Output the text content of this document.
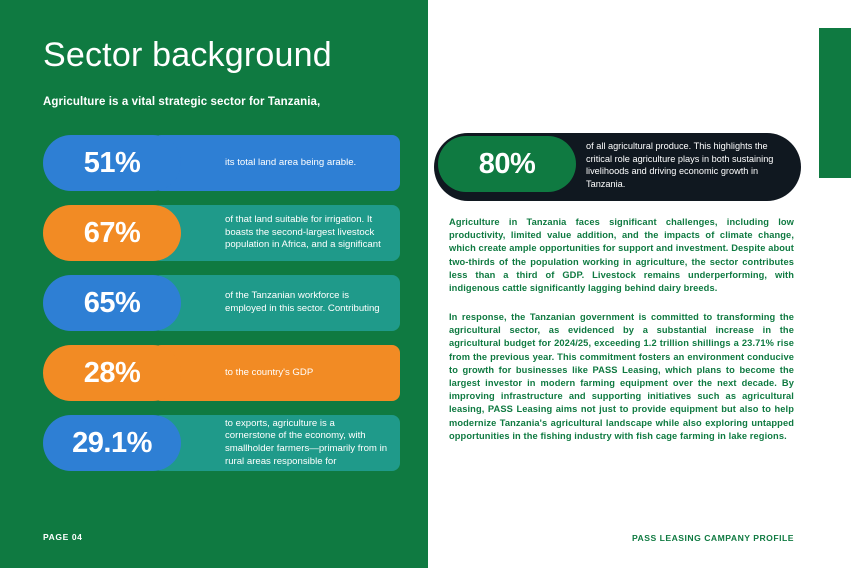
Sector background
Agriculture is a vital strategic sector for Tanzania,
its total land area being arable.
51%
of that land suitable for irrigation. It boasts the second-largest livestock population in Africa, and a significant
67%
of the Tanzanian workforce is employed in this sector. Contributing
65%
to the country's GDP
28%
to exports, agriculture is a cornerstone of the economy, with smallholder farmers—primarily from in rural areas responsible for
29.1%
PAGE 04
of all agricultural produce. This highlights the critical role agriculture plays in both sustaining livelihoods and driving economic growth in Tanzania.
80%
Agriculture in Tanzania faces significant challenges, including low productivity, limited value addition, and the impacts of climate change, which create ample opportunities for support and investment. Despite about two-thirds of the population working in agriculture, the sector contributes less than a third of GDP. Livestock remains underperforming, with indigenous cattle significantly lagging behind dairy breeds.
In response, the Tanzanian government is committed to transforming the agricultural sector, as evidenced by a substantial increase in the agricultural budget for 2024/25, exceeding 1.2 trillion shillings a 23.71% rise from the previous year. This commitment fosters an environment conducive to growth for businesses like PASS Leasing, which plans to become the largest investor in modern farming equipment over the next decade. By improving infrastructure and supporting initiatives such as agricultural leasing, PASS Leasing aims not just to provide equipment but also to help modernize Tanzania's agricultural landscape while also exploring untapped opportunities in the fishing industry with fish cage farming in lake regions.
PASS LEASING CAMPANY PROFILE
